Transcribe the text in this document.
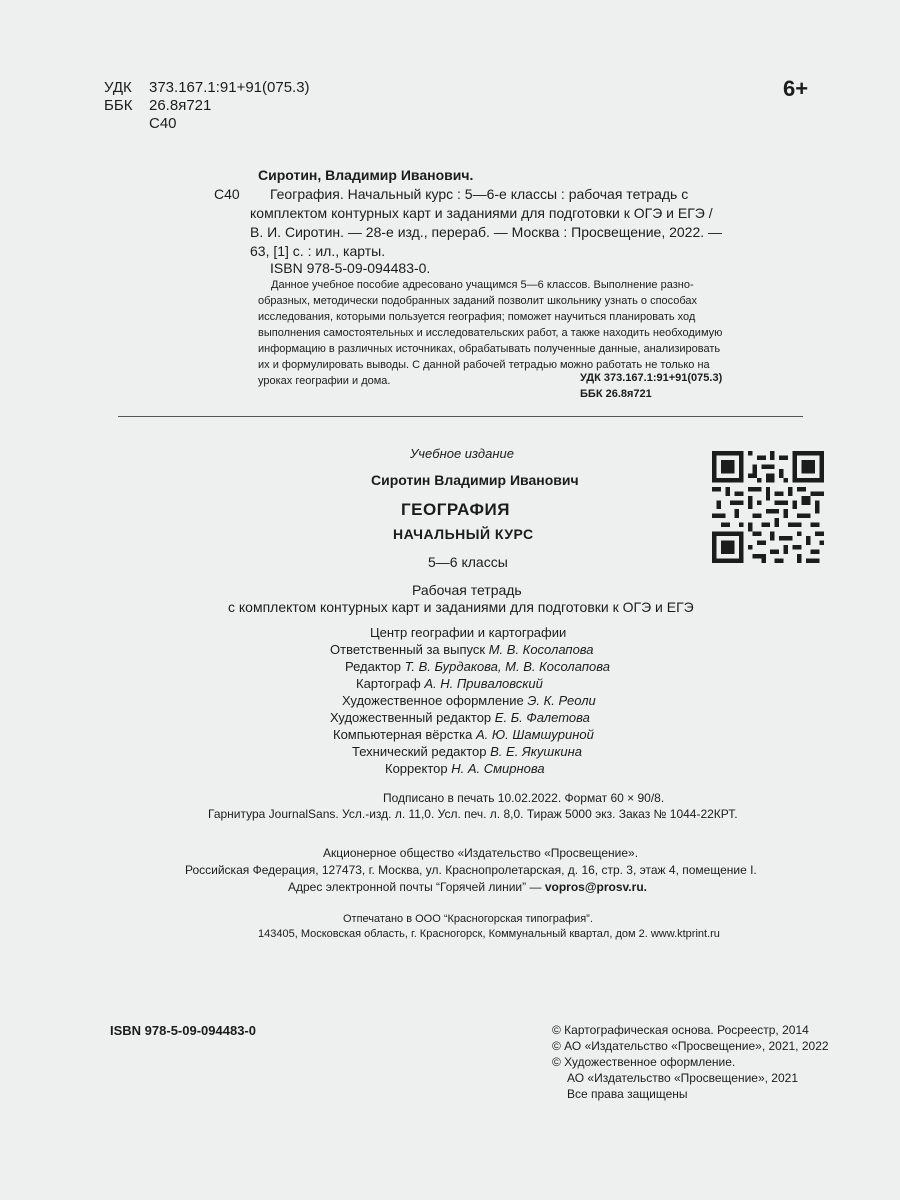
УДК 373.167.1:91+91(075.3)
ББК 26.8я721
С40
6+
Сиротин, Владимир Иванович.
С40 География. Начальный курс : 5—6-е классы : рабочая тетрадь с
комплектом контурных карт и заданиями для подготовки к ОГЭ и ЕГЭ /
В. И. Сиротин. — 28-е изд., перераб. — Москва : Просвещение, 2022. —
63, [1] с. : ил., карты.
ISBN 978-5-09-094483-0.
Данное учебное пособие адресовано учащимся 5—6 классов. Выполнение разно-
образных, методически подобранных заданий позволит школьнику узнать о способах
исследования, которыми пользуется география; поможет научиться планировать ход
выполнения самостоятельных и исследовательских работ, а также находить необходимую
информацию в различных источниках, обрабатывать полученные данные, анализировать
их и формулировать выводы. С данной рабочей тетрадью можно работать не только на
уроках географии и дома.	УДК 373.167.1:91+91(075.3)
ББК 26.8я721
Учебное издание
Сиротин Владимир Иванович
ГЕОГРАФИЯ
НАЧАЛЬНЫЙ КУРС
5—6 классы
Рабочая тетрадь
с комплектом контурных карт и заданиями для подготовки к ОГЭ и ЕГЭ
Центр географии и картографии
Ответственный за выпуск М. В. Косолапова
Редактор Т. В. Бурдакова, М. В. Косолапова
Картограф А. Н. Привaловский
Художественное оформление Э. К. Реоли
Художественный редактор Е. Б. Фалетова
Компьютерная вёрстка А. Ю. Шамшуриной
Технический редактор В. Е. Якушкина
Корректор Н. А. Смирнова
Подписано в печать 10.02.2022. Формат 60 × 90/8.
Гарнитура JournalSans. Усл.-изд. л. 11,0. Усл. печ. л. 8,0. Тираж 5000 экз. Заказ № 1044-22КРТ.
Акционерное общество «Издательство «Просвещение».
Российская Федерация, 127473, г. Москва, ул. Краснопролетарская, д. 16, стр. 3, этаж 4, помещение I.
Адрес электронной почты “Горячей линии” — vopros@prosv.ru.
Отпечатано в ООО “Красногорская типография”.
143405, Московская область, г. Красногорск, Коммунальный квартал, дом 2. www.ktprint.ru
ISBN 978-5-09-094483-0	© Картографическая основа. Росреестр, 2014
© АО «Издательство «Просвещение», 2021, 2022
© Художественное оформление.
АО «Издательство «Просвещение», 2021
Все права защищены
